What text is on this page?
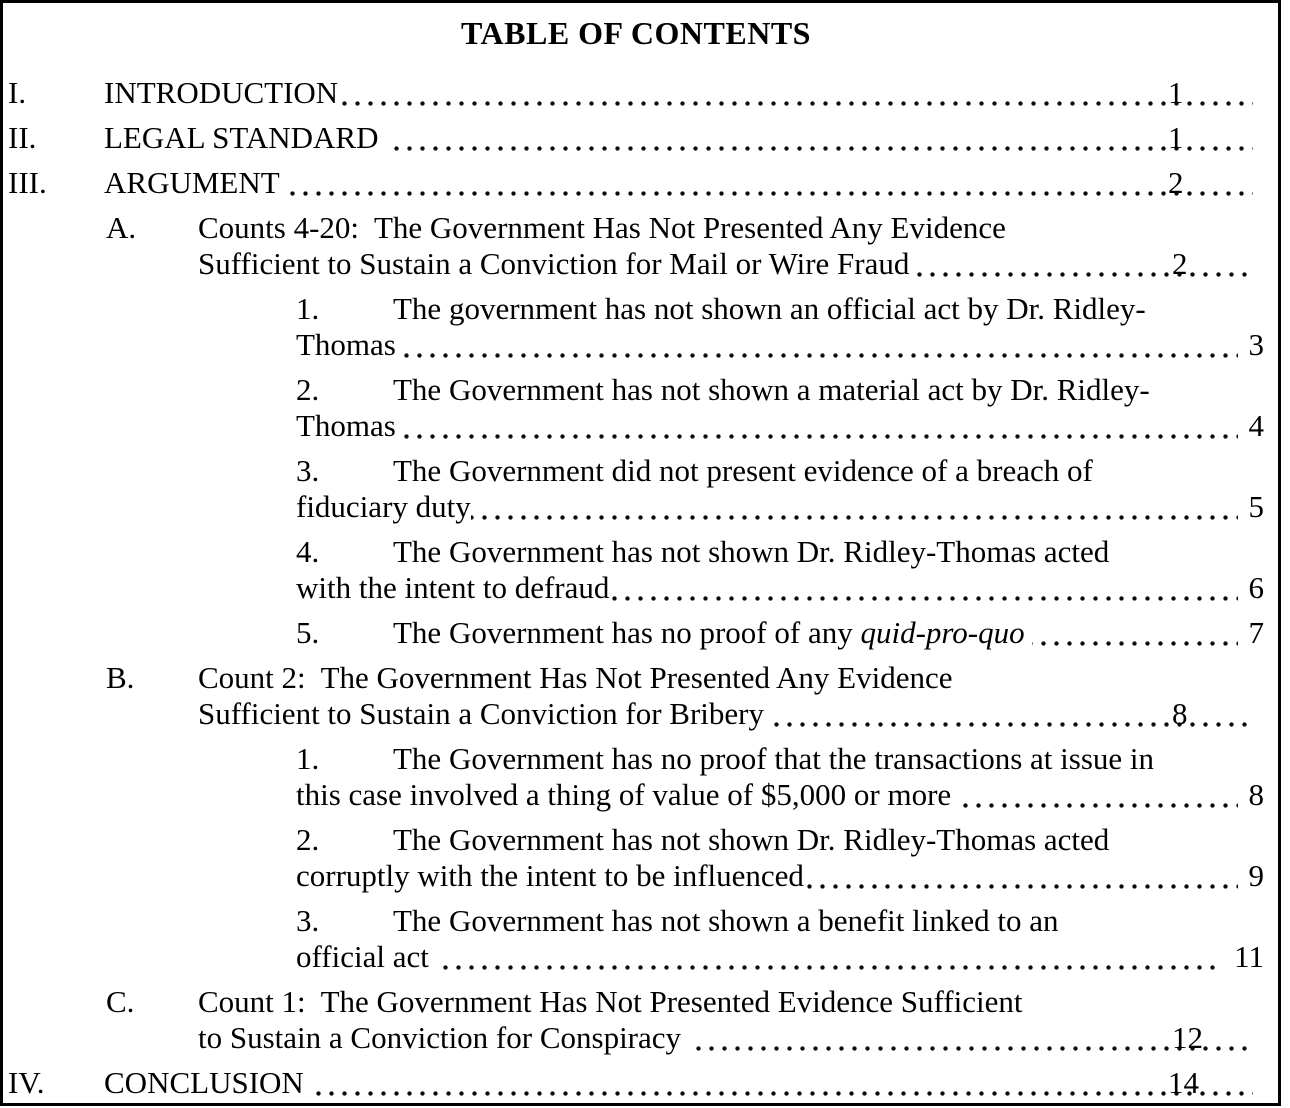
TABLE OF CONTENTS
I.	INTRODUCTION	1
II. LEGAL STANDARD	1
III. ARGUMENT	2
A. Counts 4-20:  The Government Has Not Presented Any Evidence
Sufficient to Sustain a Conviction for Mail or Wire Fraud	2
1. The government has not shown an official act by Dr. Ridley-
Thomas	3
2. The Government has not shown a material act by Dr. Ridley-
Thomas	4
3. The Government did not present evidence of a breach of
fiduciary duty	5
4. The Government has not shown Dr. Ridley-Thomas acted
with the intent to defraud	6
5. The Government has no proof of any quid-pro-quo	7
B. Count 2:  The Government Has Not Presented Any Evidence
Sufficient to Sustain a Conviction for Bribery	8
1. The Government has no proof that the transactions at issue in
this case involved a thing of value of $5,000 or more	8
2. The Government has not shown Dr. Ridley-Thomas acted
corruptly with the intent to be influenced	9
3. The Government has not shown a benefit linked to an
official act	11
C. Count 1:  The Government Has Not Presented Evidence Sufficient
to Sustain a Conviction for Conspiracy	12
IV. CONCLUSION	14
